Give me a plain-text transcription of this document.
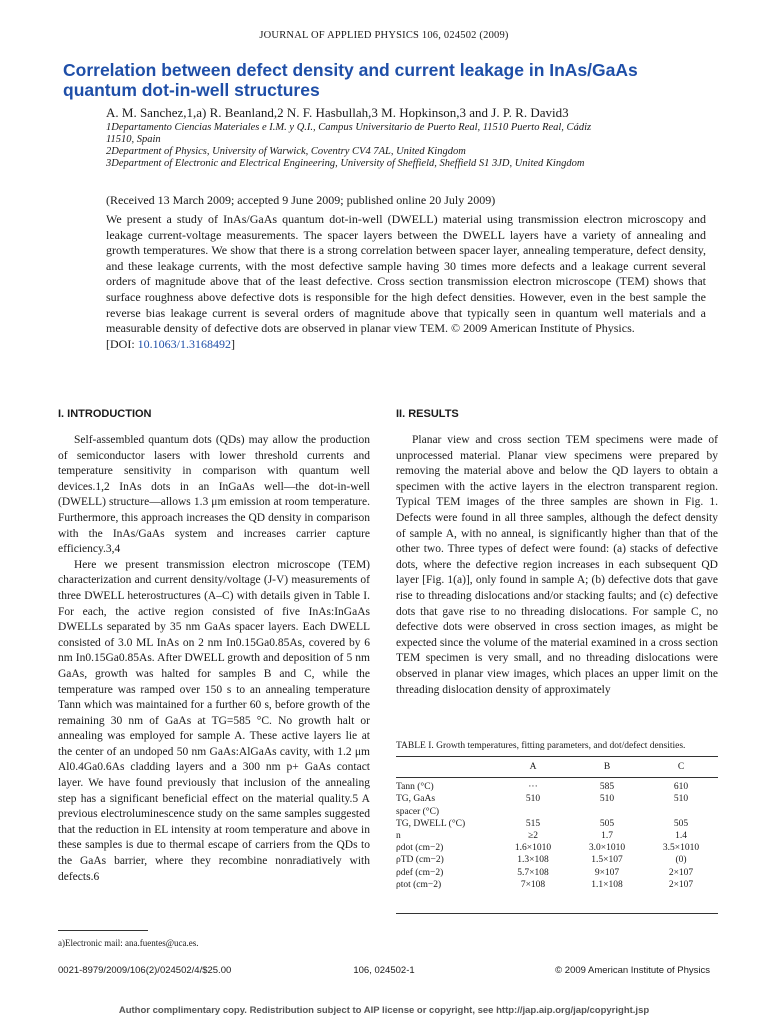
JOURNAL OF APPLIED PHYSICS 106, 024502 (2009)
Correlation between defect density and current leakage in InAs/GaAs quantum dot-in-well structures
A. M. Sanchez,1,a) R. Beanland,2 N. F. Hasbullah,3 M. Hopkinson,3 and J. P. R. David3
1Departamento Ciencias Materiales e I.M. y Q.I., Campus Universitario de Puerto Real, 11510 Puerto Real, Cádiz 11510, Spain
2Department of Physics, University of Warwick, Coventry CV4 7AL, United Kingdom
3Department of Electronic and Electrical Engineering, University of Sheffield, Sheffield S1 3JD, United Kingdom
(Received 13 March 2009; accepted 9 June 2009; published online 20 July 2009)
We present a study of InAs/GaAs quantum dot-in-well (DWELL) material using transmission electron microscopy and leakage current-voltage measurements. The spacer layers between the DWELL layers have a variety of annealing and growth temperatures. We show that there is a strong correlation between spacer layer, annealing temperature, defect density, and these leakage currents, with the most defective sample having 30 times more defects and a leakage current several orders of magnitude above that of the least defective. Cross section transmission electron microscope (TEM) shows that surface roughness above defective dots is responsible for the high defect densities. However, even in the best sample the reverse bias leakage current is several orders of magnitude above that typically seen in quantum well materials and a measurable density of defective dots are observed in planar view TEM. © 2009 American Institute of Physics.
[DOI: 10.1063/1.3168492]
I. INTRODUCTION

Self-assembled quantum dots (QDs) may allow the production of semiconductor lasers with lower threshold currents and temperature sensitivity in comparison with quantum well devices.1,2 InAs dots in an InGaAs well—the dot-in-well (DWELL) structure—allows 1.3 μm emission at room temperature. Furthermore, this approach increases the QD density in comparison with the InAs/GaAs system and increases carrier capture efficiency.3,4

Here we present transmission electron microscope (TEM) characterization and current density/voltage (J-V) measurements of three DWELL heterostructures (A–C) with details given in Table I. For each, the active region consisted of five InAs:InGaAs DWELLs separated by 35 nm GaAs spacer layers. Each DWELL consisted of 3.0 ML InAs on 2 nm In0.15Ga0.85As, covered by 6 nm In0.15Ga0.85As. After DWELL growth and deposition of 5 nm GaAs, growth was halted for samples B and C, while the temperature was ramped over 150 s to an annealing temperature Tann which was maintained for a further 60 s, before growth of the remaining 30 nm of GaAs at TG=585 °C. No growth halt or annealing was employed for sample A. These active layers lie at the center of an undoped 50 nm GaAs:AlGaAs cavity, with 1.2 μm Al0.4Ga0.6As cladding layers and a 300 nm p+ GaAs contact layer. We have found previously that inclusion of the annealing step has a significant beneficial effect on the material quality.5 A previous electroluminescence study on the same samples suggested that the reduction in EL intensity at room temperature and above in these samples is due to thermal escape of carriers from the QDs to the GaAs barrier, where they recombine nonradiatively with defects.6

II. RESULTS

Planar view and cross section TEM specimens were made of unprocessed material. Planar view specimens were prepared by removing the material above and below the QD layers to obtain a specimen with the active layers in the electron transparent region. Typical TEM images of the three samples are shown in Fig. 1. Defects were found in all three samples, although the defect density of sample A, with no anneal, is significantly higher than that of the other two. Three types of defect were found: (a) stacks of defective dots, where the defective region increases in each subsequent QD layer [Fig. 1(a)], only found in sample A; (b) defective dots that gave rise to threading dislocations and/or stacking faults; and (c) defective dots that gave rise to no threading dislocations. For sample C, no defective dots were observed in cross section images, as might be expected since the volume of the material examined in a cross section TEM specimen is very small, and no threading dislocations were observed in planar view images, which places an upper limit on the threading dislocation density of approximately

TABLE I. Growth temperatures, fitting parameters, and dot/defect densities.
	A	B	C

Tann (°C)	···	585	610
TG, GaAs	510	510	510
spacer (°C)			
TG, DWELL (°C)	515	505	505
n	≥2	1.7	1.4
ρdot (cm−2)	1.6×1010	3.0×1010	3.5×1010
ρTD (cm−2)	1.3×108	1.5×107	(0)
ρdef (cm−2)	5.7×108	9×107	2×107
ρtot (cm−2)	7×108	1.1×108	2×107
a)Electronic mail: ana.fuentes@uca.es.
0021-8979/2009/106(2)/024502/4/$25.00	106, 024502-1	© 2009 American Institute of Physics
Author complimentary copy. Redistribution subject to AIP license or copyright, see http://jap.aip.org/jap/copyright.jsp
